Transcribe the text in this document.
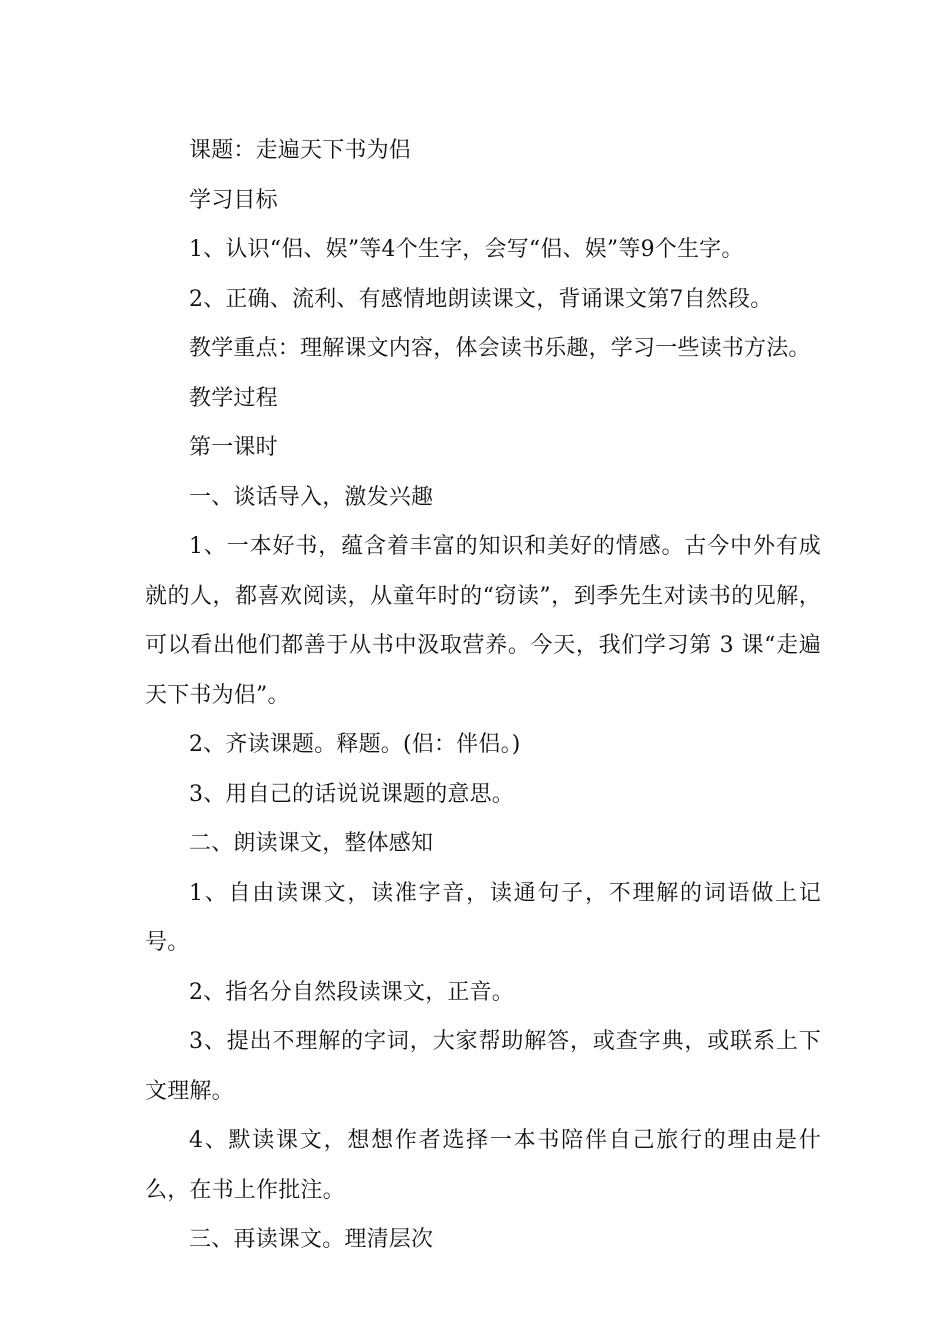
课题：走遍天下书为侣

学习目标

1、认识“侣、娱”等4个生字，会写“侣、娱”等9个生字。

2、正确、流利、有感情地朗读课文，背诵课文第7自然段。

教学重点：理解课文内容，体会读书乐趣，学习一些读书方法。

教学过程

第一课时

一、谈话导入，激发兴趣

1、一本好书，蕴含着丰富的知识和美好的情感。古今中外有成就的人，都喜欢阅读，从童年时的“窃读”，到季先生对读书的见解，可以看出他们都善于从书中汲取营养。今天，我们学习第 3 课“走遍天下书为侣”。

2、齐读课题。释题。(侣：伴侣。)

3、用自己的话说说课题的意思。

二、朗读课文，整体感知

1、自由读课文，读准字音，读通句子，不理解的词语做上记号。

2、指名分自然段读课文，正音。

3、提出不理解的字词，大家帮助解答，或查字典，或联系上下文理解。

4、默读课文，想想作者选择一本书陪伴自己旅行的理由是什么，在书上作批注。

三、再读课文。理清层次
